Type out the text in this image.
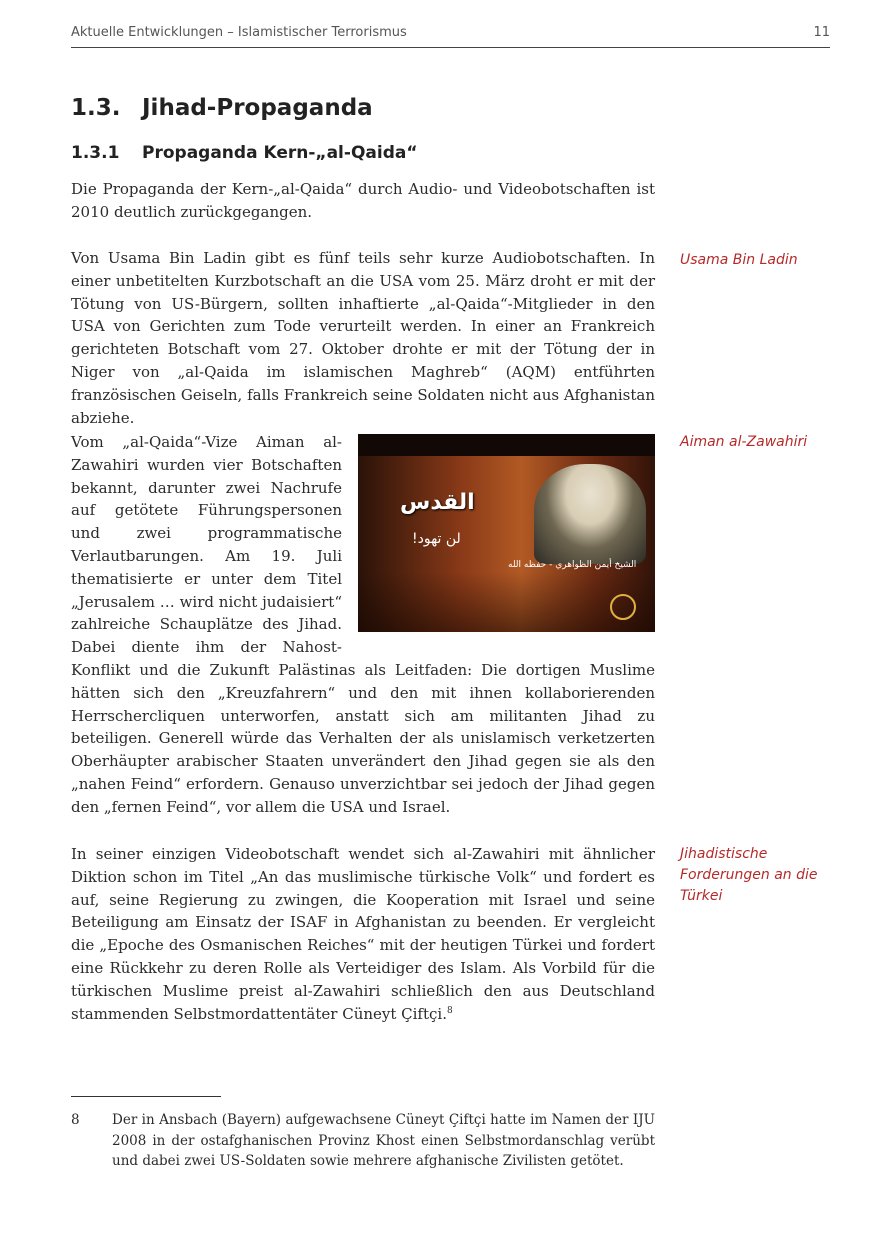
Aktuelle Entwicklungen – Islamistischer Terrorismus	11
1.3. Jihad-Propaganda
1.3.1 Propaganda Kern-„al-Qaida“

Die Propaganda der Kern-„al-Qaida“ durch Audio- und Videobotschaften ist 2010 deutlich zurückgegangen.

Von Usama Bin Ladin gibt es fünf teils sehr kurze Audiobotschaften. In einer unbetitelten Kurzbotschaft an die USA vom 25. März droht er mit der Tötung von US-Bürgern, sollten inhaftierte „al-Qaida“-Mitglieder in den USA von Gerichten zum Tode verurteilt werden. In einer an Frankreich gerichteten Botschaft vom 27. Oktober drohte er mit der Tötung der in Niger von „al-Qaida im islamischen Maghreb“ (AQM) entführten französischen Geiseln, falls Frankreich seine Soldaten nicht aus Afghanistan abziehe.

القدس
لن تهود!
الشيخ أيمن الظواهري - حفظه الله
Vom „al-Qaida“-Vize Aiman al-Zawahiri wurden vier Botschaften bekannt, darunter zwei Nachrufe auf getötete Führungspersonen und zwei programmatische Verlautbarungen. Am 19. Juli thematisierte er unter dem Titel „Jerusalem … wird nicht judaisiert“ zahlreiche Schauplätze des Jihad. Dabei diente ihm der Nahost-Konflikt und die Zukunft Palästinas als Leitfaden: Die dortigen Muslime hätten sich den „Kreuzfahrern“ und den mit ihnen kollaborierenden Herrschercliquen unterworfen, anstatt sich am militanten Jihad zu beteiligen. Generell würde das Verhalten der als unislamisch verketzerten Oberhäupter arabischer Staaten unverändert den Jihad gegen sie als den „nahen Feind“ erfordern. Genauso unverzichtbar sei jedoch der Jihad gegen den „fernen Feind“, vor allem die USA und Israel.

In seiner einzigen Videobotschaft wendet sich al-Zawahiri mit ähnlicher Diktion schon im Titel „An das muslimische türkische Volk“ und fordert es auf, seine Regierung zu zwingen, die Kooperation mit Israel und seine Beteiligung am Einsatz der ISAF in Afghanistan zu beenden. Er vergleicht die „Epoche des Osmanischen Reiches“ mit der heutigen Türkei und fordert eine Rückkehr zu deren Rolle als Verteidiger des Islam. Als Vorbild für die türkischen Muslime preist al-Zawahiri schließlich den aus Deutschland stammenden Selbstmordattentäter Cüneyt Çiftçi.$^8$

Usama Bin Ladin
Aiman al-Zawahiri
Jihadistische Forderungen an die Türkei
8 Der in Ansbach (Bayern) aufgewachsene Cüneyt Çiftçi hatte im Namen der IJU 2008 in der ostafghanischen Provinz Khost einen Selbstmordanschlag verübt und dabei zwei US-Soldaten sowie mehrere afghanische Zivilisten getötet.
